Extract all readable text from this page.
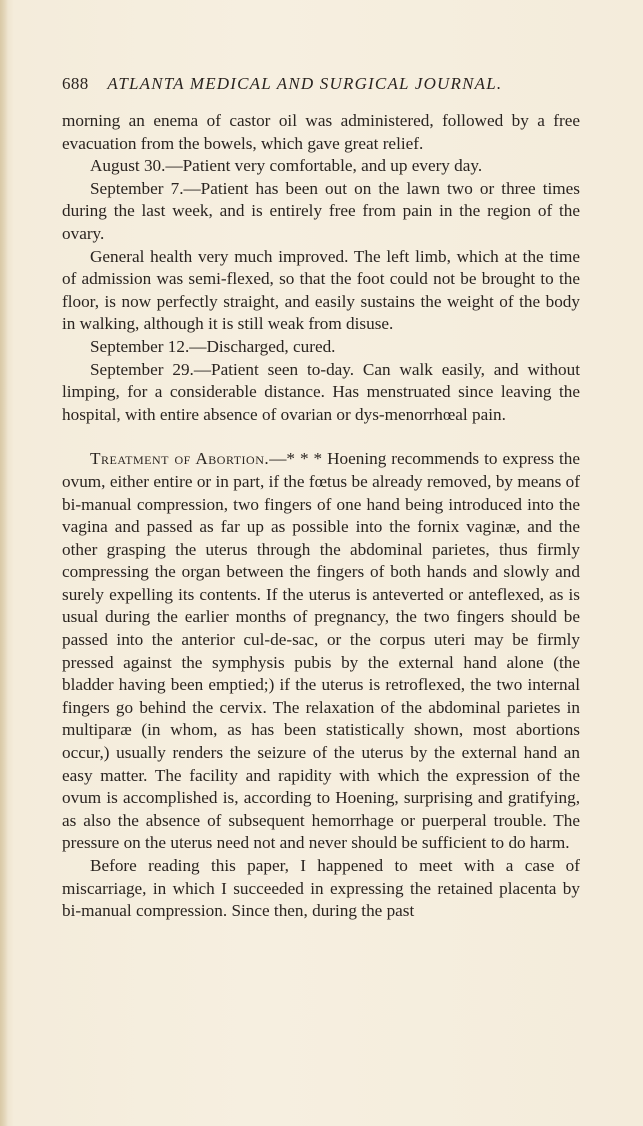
688 ATLANTA MEDICAL AND SURGICAL JOURNAL.

morning an enema of castor oil was administered, followed by a free evacuation from the bowels, which gave great relief.

August 30.—Patient very comfortable, and up every day.

September 7.—Patient has been out on the lawn two or three times during the last week, and is entirely free from pain in the region of the ovary.

General health very much improved. The left limb, which at the time of admission was semi-flexed, so that the foot could not be brought to the floor, is now perfectly straight, and easily sustains the weight of the body in walking, although it is still weak from disuse.

September 12.—Discharged, cured.

September 29.—Patient seen to-day. Can walk easily, and without limping, for a considerable distance. Has menstruated since leaving the hospital, with entire absence of ovarian or dys-menorrhœal pain.

Treatment of Abortion.—* * * Hoening recommends to express the ovum, either entire or in part, if the fœtus be already removed, by means of bi-manual compression, two fingers of one hand being introduced into the vagina and passed as far up as possible into the fornix vaginæ, and the other grasping the uterus through the abdominal parietes, thus firmly compressing the organ between the fingers of both hands and slowly and surely expelling its contents. If the uterus is anteverted or anteflexed, as is usual during the earlier months of pregnancy, the two fingers should be passed into the anterior cul-de-sac, or the corpus uteri may be firmly pressed against the symphysis pubis by the external hand alone (the bladder having been emptied;) if the uterus is retroflexed, the two internal fingers go behind the cervix. The relaxation of the abdominal parietes in multiparæ (in whom, as has been statistically shown, most abortions occur,) usually renders the seizure of the uterus by the external hand an easy matter. The facility and rapidity with which the expression of the ovum is accomplished is, according to Hoening, surprising and gratifying, as also the absence of subsequent hemorrhage or puerperal trouble. The pressure on the uterus need not and never should be sufficient to do harm.

Before reading this paper, I happened to meet with a case of miscarriage, in which I succeeded in expressing the retained placenta by bi-manual compression. Since then, during the past
